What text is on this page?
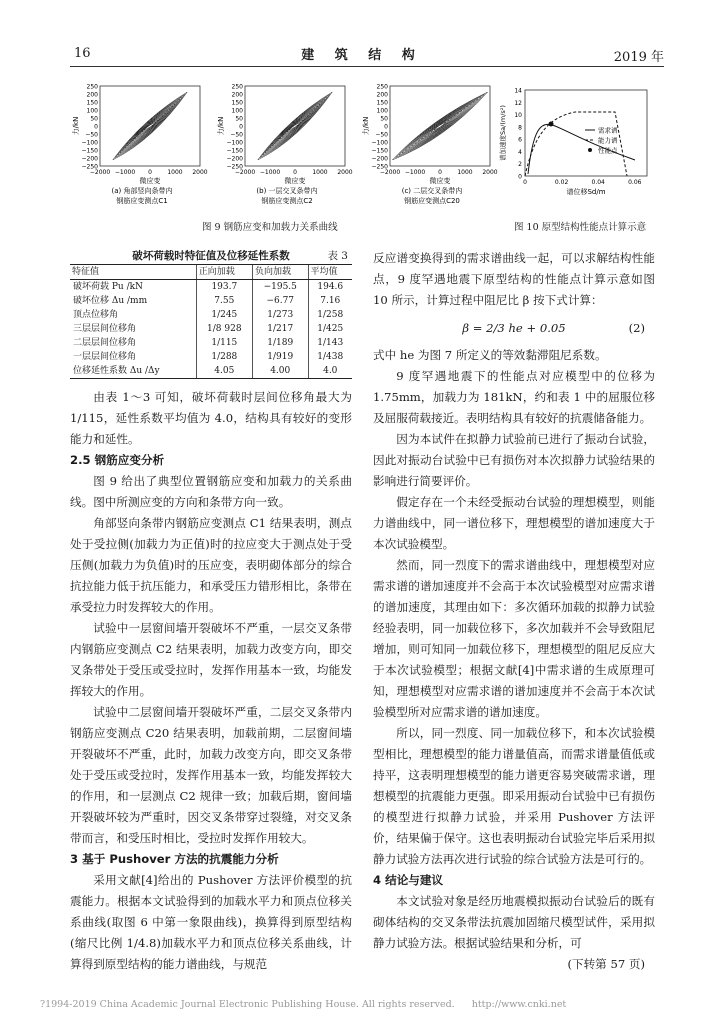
16	建 筑 结 构	2019 年
250
200
150
100
50
0
−50
−100
−150
−200
−250
−2000 −1000 0	1000 2000
力/kN
微应变
(a) 角部竖向条带内
钢筋应变测点C1
250
200
150
100
50
0
−50
−100
−150
−200
−250
−2000 −1000 0	1000 2000
力/kN
微应变
(b) 一层交叉条带内
钢筋应变测点C2
250
200
150
100
50
0
−50
−100
−150
−200
−250
−2000 −1000 0	1000 2000
力/kN
微应变
(c) 二层交叉条带内
钢筋应变测点C20
14
12
10
8
6
4
2
0
0	0.02	0.04	0.06
谱加速度Sa/(m/s²)
谱位移Sd/m
需求谱
能力谱
性能点
图 9 钢筋应变和加载力关系曲线	图 10 原型结构性能点计算示意
破坏荷载时特征值及位移延性系数	表 3
特征值	正向加载	负向加载	平均值
破坏荷载 Pu /kN	193.7	−195.5	194.6
破坏位移 Δu /mm	7.55	−6.77	7.16
顶点位移角	1/245	1/273	1/258
三层层间位移角	1/8 928	1/217	1/425
二层层间位移角	1/115	1/189	1/143
一层层间位移角	1/288	1/919	1/438
位移延性系数 Δu /Δy	4.05	4.00	4.0

由表 1～3 可知，破坏荷载时层间位移角最大为 1/115，延性系数平均值为 4.0，结构具有较好的变形能力和延性。

2.5 钢筋应变分析

图 9 给出了典型位置钢筋应变和加载力的关系曲线。图中所测应变的方向和条带方向一致。

角部竖向条带内钢筋应变测点 C1 结果表明，测点处于受拉侧(加载力为正值)时的拉应变大于测点处于受压侧(加载力为负值)时的压应变，表明砌体部分的综合抗拉能力低于抗压能力，和承受压力错形相比，条带在承受拉力时发挥较大的作用。

试验中一层窗间墙开裂破坏不严重，一层交叉条带内钢筋应变测点 C2 结果表明，加载力改变方向，即交叉条带处于受压或受拉时，发挥作用基本一致，均能发挥较大的作用。

试验中二层窗间墙开裂破坏严重，二层交叉条带内钢筋应变测点 C20 结果表明，加载前期，二层窗间墙开裂破坏不严重，此时，加载力改变方向，即交叉条带处于受压或受拉时，发挥作用基本一致，均能发挥较大的作用，和一层测点 C2 规律一致；加载后期，窗间墙开裂破坏较为严重时，因交叉条带穿过裂缝，对交叉条带而言，和受压时相比，受拉时发挥作用较大。

3 基于 Pushover 方法的抗震能力分析

采用文献[4]给出的 Pushover 方法评价模型的抗震能力。根据本文试验得到的加载水平力和顶点位移关系曲线(取图 6 中第一象限曲线)，换算得到原型结构(缩尺比例 1/4.8)加载水平力和顶点位移关系曲线，计算得到原型结构的能力谱曲线，与规范

反应谱变换得到的需求谱曲线一起，可以求解结构性能点，9 度罕遇地震下原型结构的性能点计算示意如图 10 所示，计算过程中阻尼比 β 按下式计算：

β = 2/3 he + 0.05	(2)

式中 he 为图 7 所定义的等效黏滞阻尼系数。

9 度罕遇地震下的性能点对应模型中的位移为 1.75mm，加载力为 181kN，约和表 1 中的屈服位移及屈服荷载接近。表明结构具有较好的抗震储备能力。

因为本试件在拟静力试验前已进行了振动台试验，因此对振动台试验中已有损伤对本次拟静力试验结果的影响进行简要评价。

假定存在一个未经受振动台试验的理想模型，则能力谱曲线中，同一谱位移下，理想模型的谱加速度大于本次试验模型。

然而，同一烈度下的需求谱曲线中，理想模型对应需求谱的谱加速度并不会高于本次试验模型对应需求谱的谱加速度，其理由如下：多次循环加载的拟静力试验经验表明，同一加载位移下，多次加载并不会导致阻尼增加，则可知同一加载位移下，理想模型的阻尼反应大于本次试验模型；根据文献[4]中需求谱的生成原理可知，理想模型对应需求谱的谱加速度并不会高于本次试验模型所对应需求谱的谱加速度。

所以，同一烈度、同一加载位移下，和本次试验模型相比，理想模型的能力谱量值高，而需求谱量值低或持平，这表明理想模型的能力谱更容易突破需求谱，理想模型的抗震能力更强。即采用振动台试验中已有损伤的模型进行拟静力试验，并采用 Pushover 方法评价，结果偏于保守。这也表明振动台试验完毕后采用拟静力试验方法再次进行试验的综合试验方法是可行的。

4 结论与建议

本文试验对象是经历地震模拟振动台试验后的既有砌体结构的交叉条带法抗震加固缩尺模型试件，采用拟静力试验方法。根据试验结果和分析，可

(下转第 57 页)
?1994-2019 China Academic Journal Electronic Publishing House. All rights reserved. http://www.cnki.net
